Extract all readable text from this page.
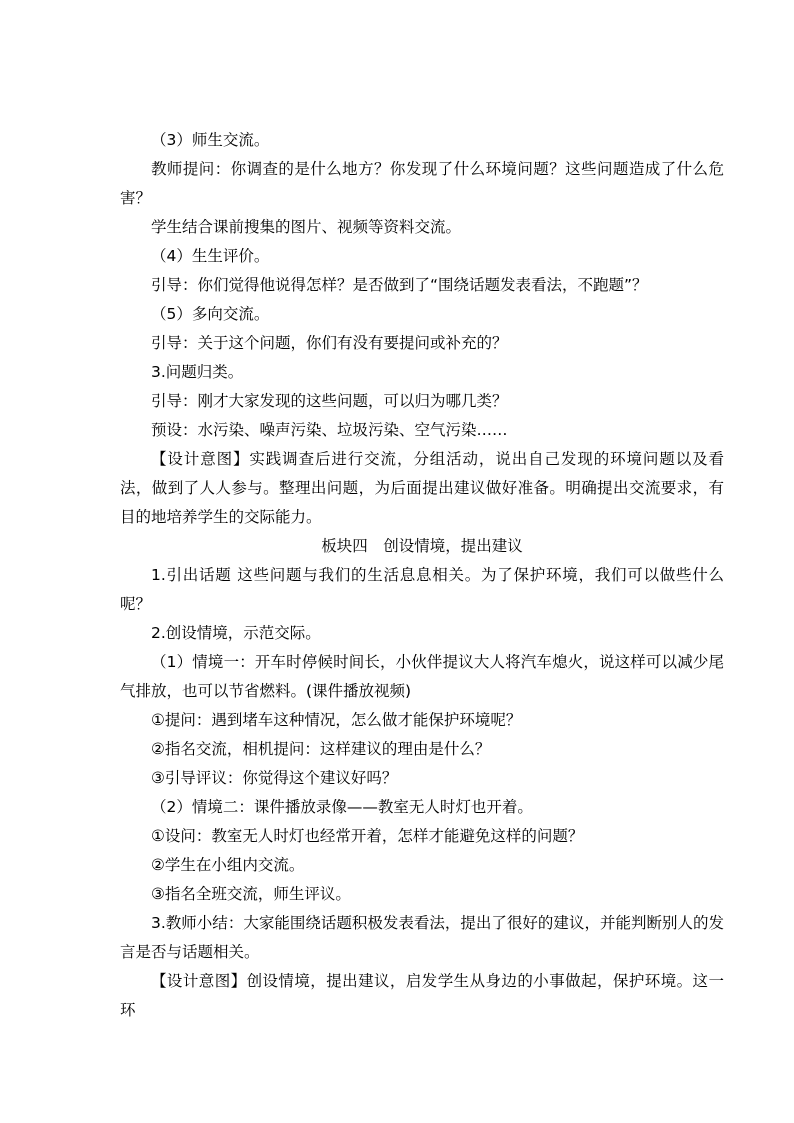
（3）师生交流。

教师提问：你调查的是什么地方？你发现了什么环境问题？这些问题造成了什么危害？

学生结合课前搜集的图片、视频等资料交流。

（4）生生评价。

引导：你们觉得他说得怎样？是否做到了“围绕话题发表看法，不跑题”？

（5）多向交流。

引导：关于这个问题，你们有没有要提问或补充的？

3.问题归类。

引导：刚才大家发现的这些问题，可以归为哪几类？

预设：水污染、噪声污染、垃圾污染、空气污染……

【设计意图】实践调查后进行交流，分组活动，说出自己发现的环境问题以及看法，做到了人人参与。整理出问题，为后面提出建议做好准备。明确提出交流要求，有目的地培养学生的交际能力。

板块四　创设情境，提出建议

1.引出话题 这些问题与我们的生活息息相关。为了保护环境，我们可以做些什么呢？

2.创设情境，示范交际。

（1）情境一：开车时停候时间长，小伙伴提议大人将汽车熄火，说这样可以减少尾气排放，也可以节省燃料。(课件播放视频)

①提问：遇到堵车这种情况，怎么做才能保护环境呢？

②指名交流，相机提问：这样建议的理由是什么？

③引导评议：你觉得这个建议好吗？

（2）情境二：课件播放录像——教室无人时灯也开着。

①设问：教室无人时灯也经常开着，怎样才能避免这样的问题？

②学生在小组内交流。

③指名全班交流，师生评议。

3.教师小结：大家能围绕话题积极发表看法，提出了很好的建议，并能判断别人的发言是否与话题相关。

【设计意图】创设情境，提出建议，启发学生从身边的小事做起，保护环境。这一环
